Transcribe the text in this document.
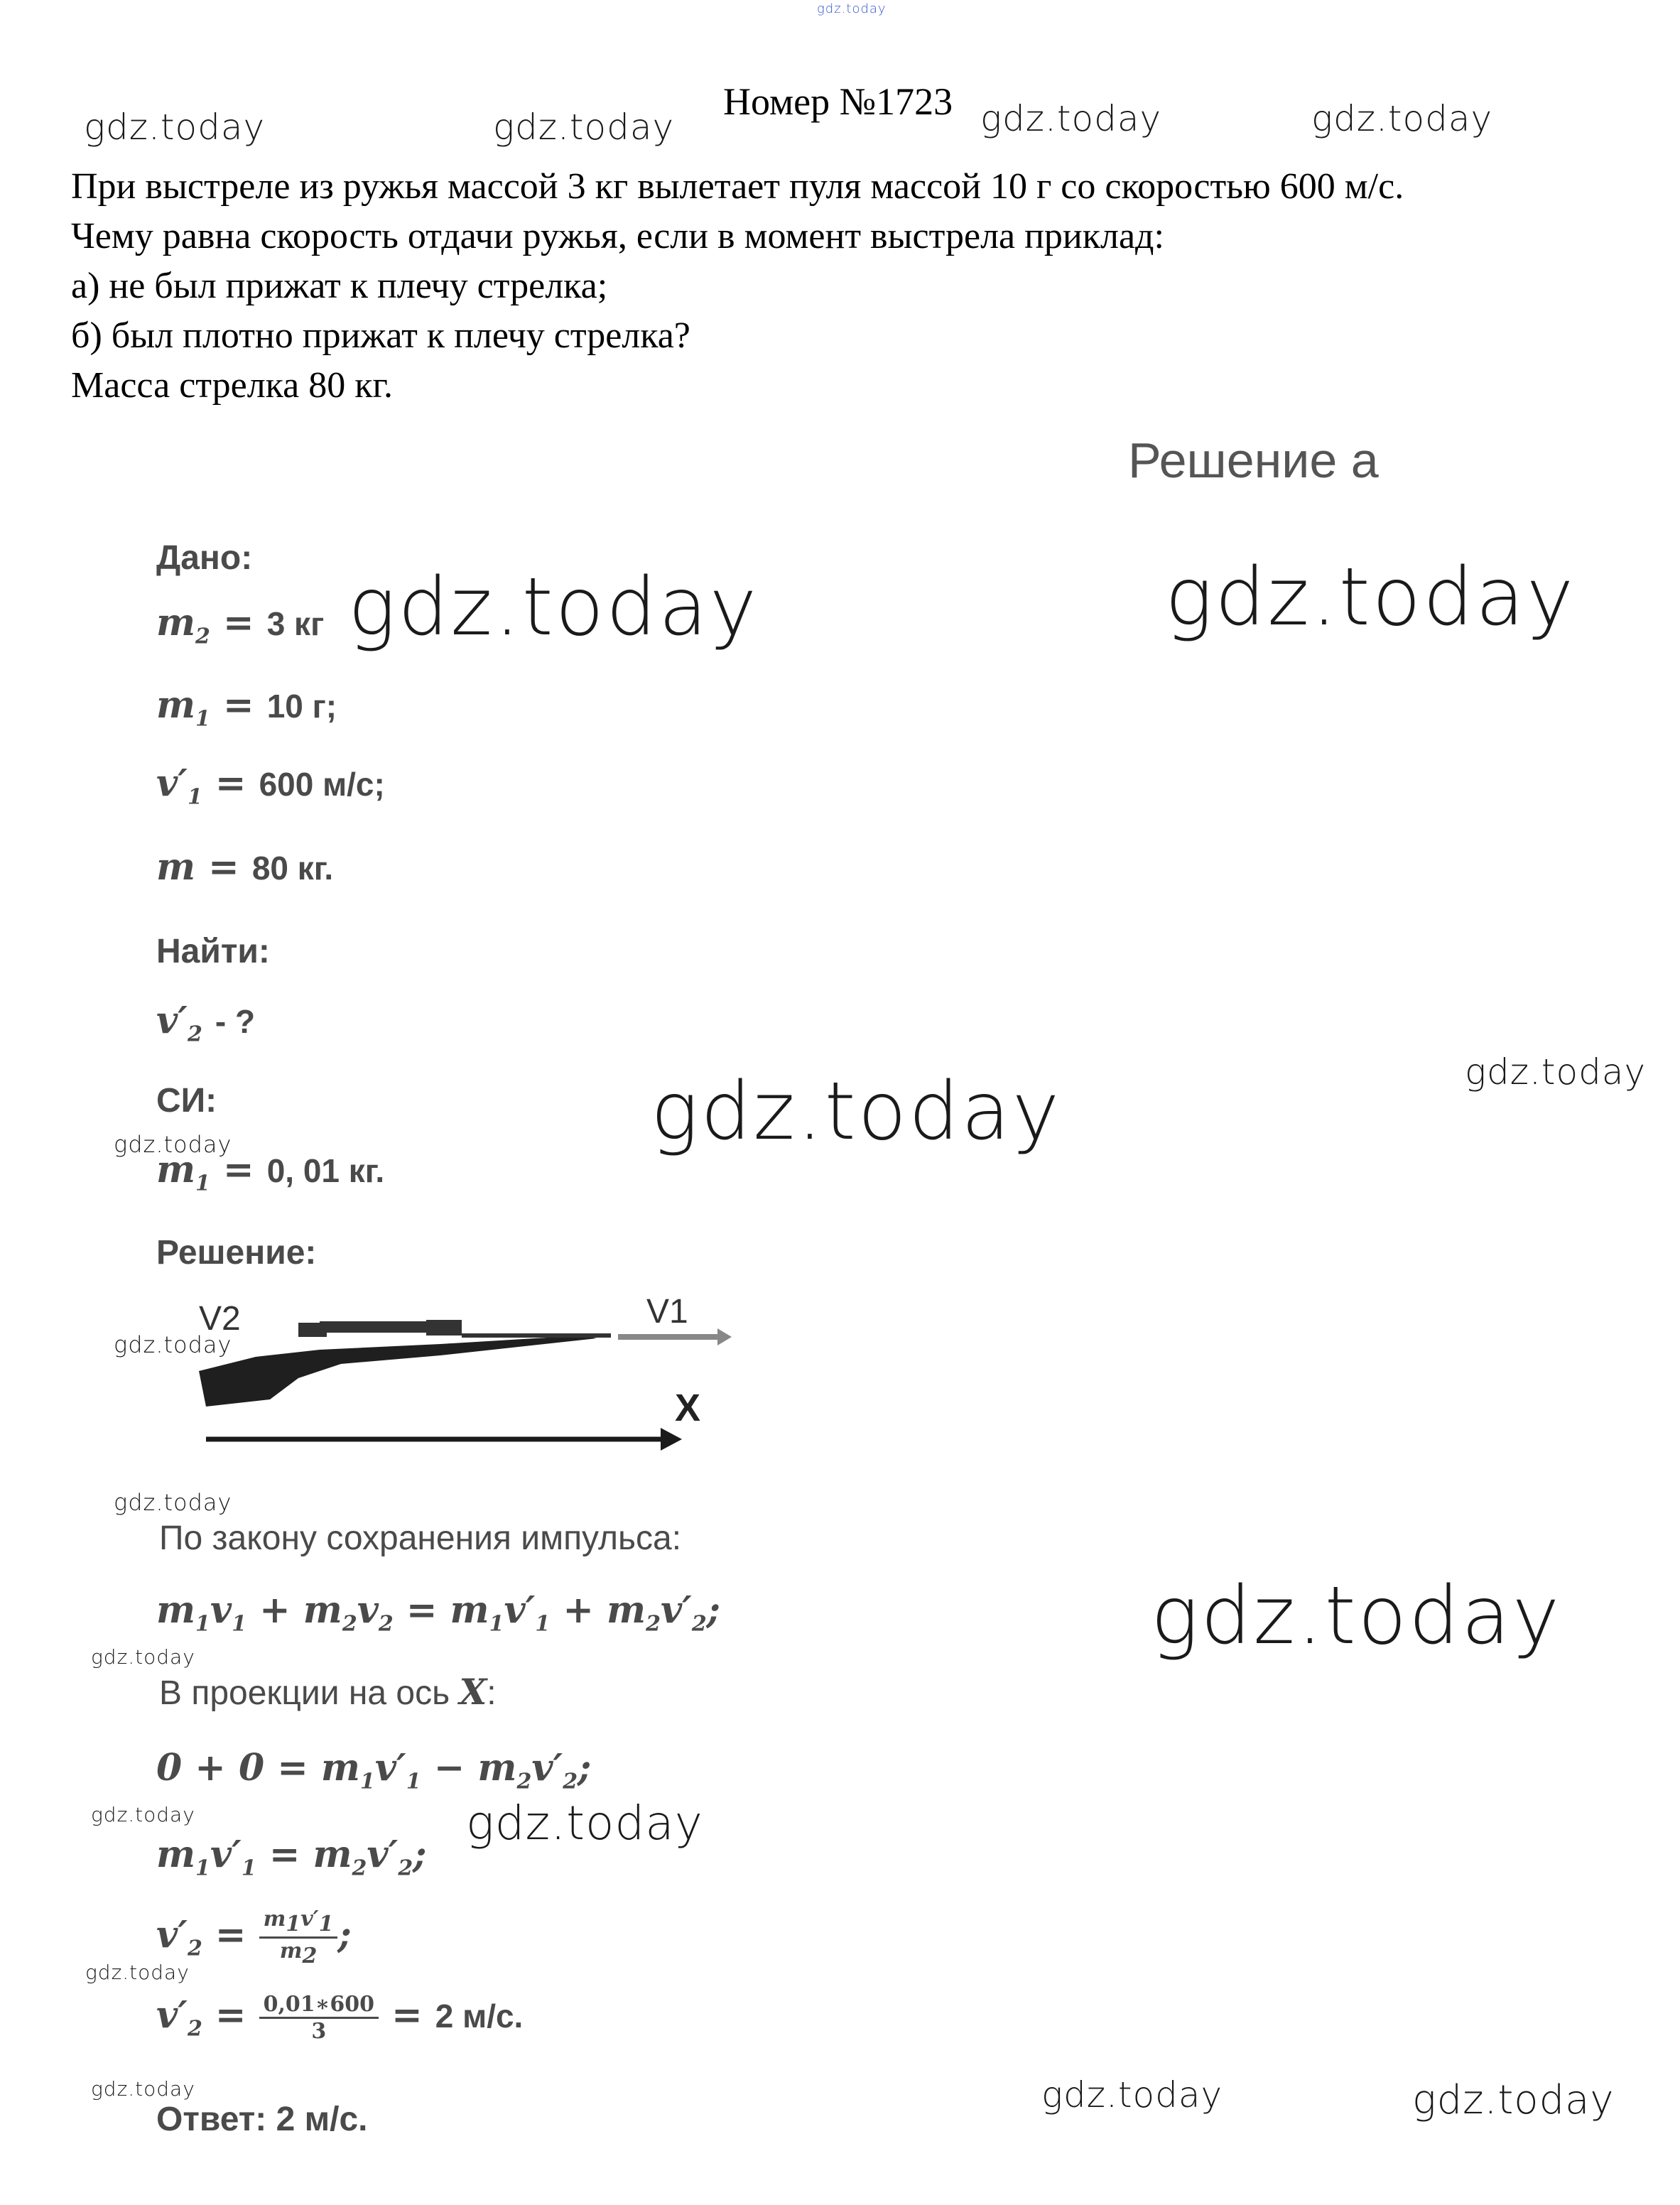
gdz.today
gdz.today	gdz.today
Номер №1723 gdz.today	gdz.today
При выстреле из ружья массой 3 кг вылетает пуля массой 10 г со скоростью 600 м/с.
Чему равна скорость отдачи ружья, если в момент выстрела приклад:
а) не был прижат к плечу стрелка;
б) был плотно прижат к плечу стрелка?
Масса стрелка 80 кг.
Решение а
gdz.today	gdz.today
gdz.today
gdz.today
Дано:
$m_2 = 3$ кг
$m_1 = 10$ г;
$v'_1 = 600$ м/с;
m = 80 кг.
Найти:
$v'_2$ - ?
СИ:
gdz.today
$m_1 = 0$, 01 кг.
gdz.today
Решение:
V2	V1
X
gdz.today
gdz.today
По закону сохранения импульса:
$m_1v_1 + m_2v_2 = m_1v'_1 + m_2v'_2$;
gdz.today
В проекции на ось X:
$0 + 0 = m_1v'_1 - m_2v'_2$;
gdz.today
$m_1v'_1 = m_2v'_2$;
gdz.today
$v'_2 = \frac{m_1v'_1}{m_2}$ ;
gdz.today
$v'_2 = \frac{0,01∗600}{3} = 2$ м/с.
gdz.today
Ответ: 2 м/с.
gdz.today	gdz.today
